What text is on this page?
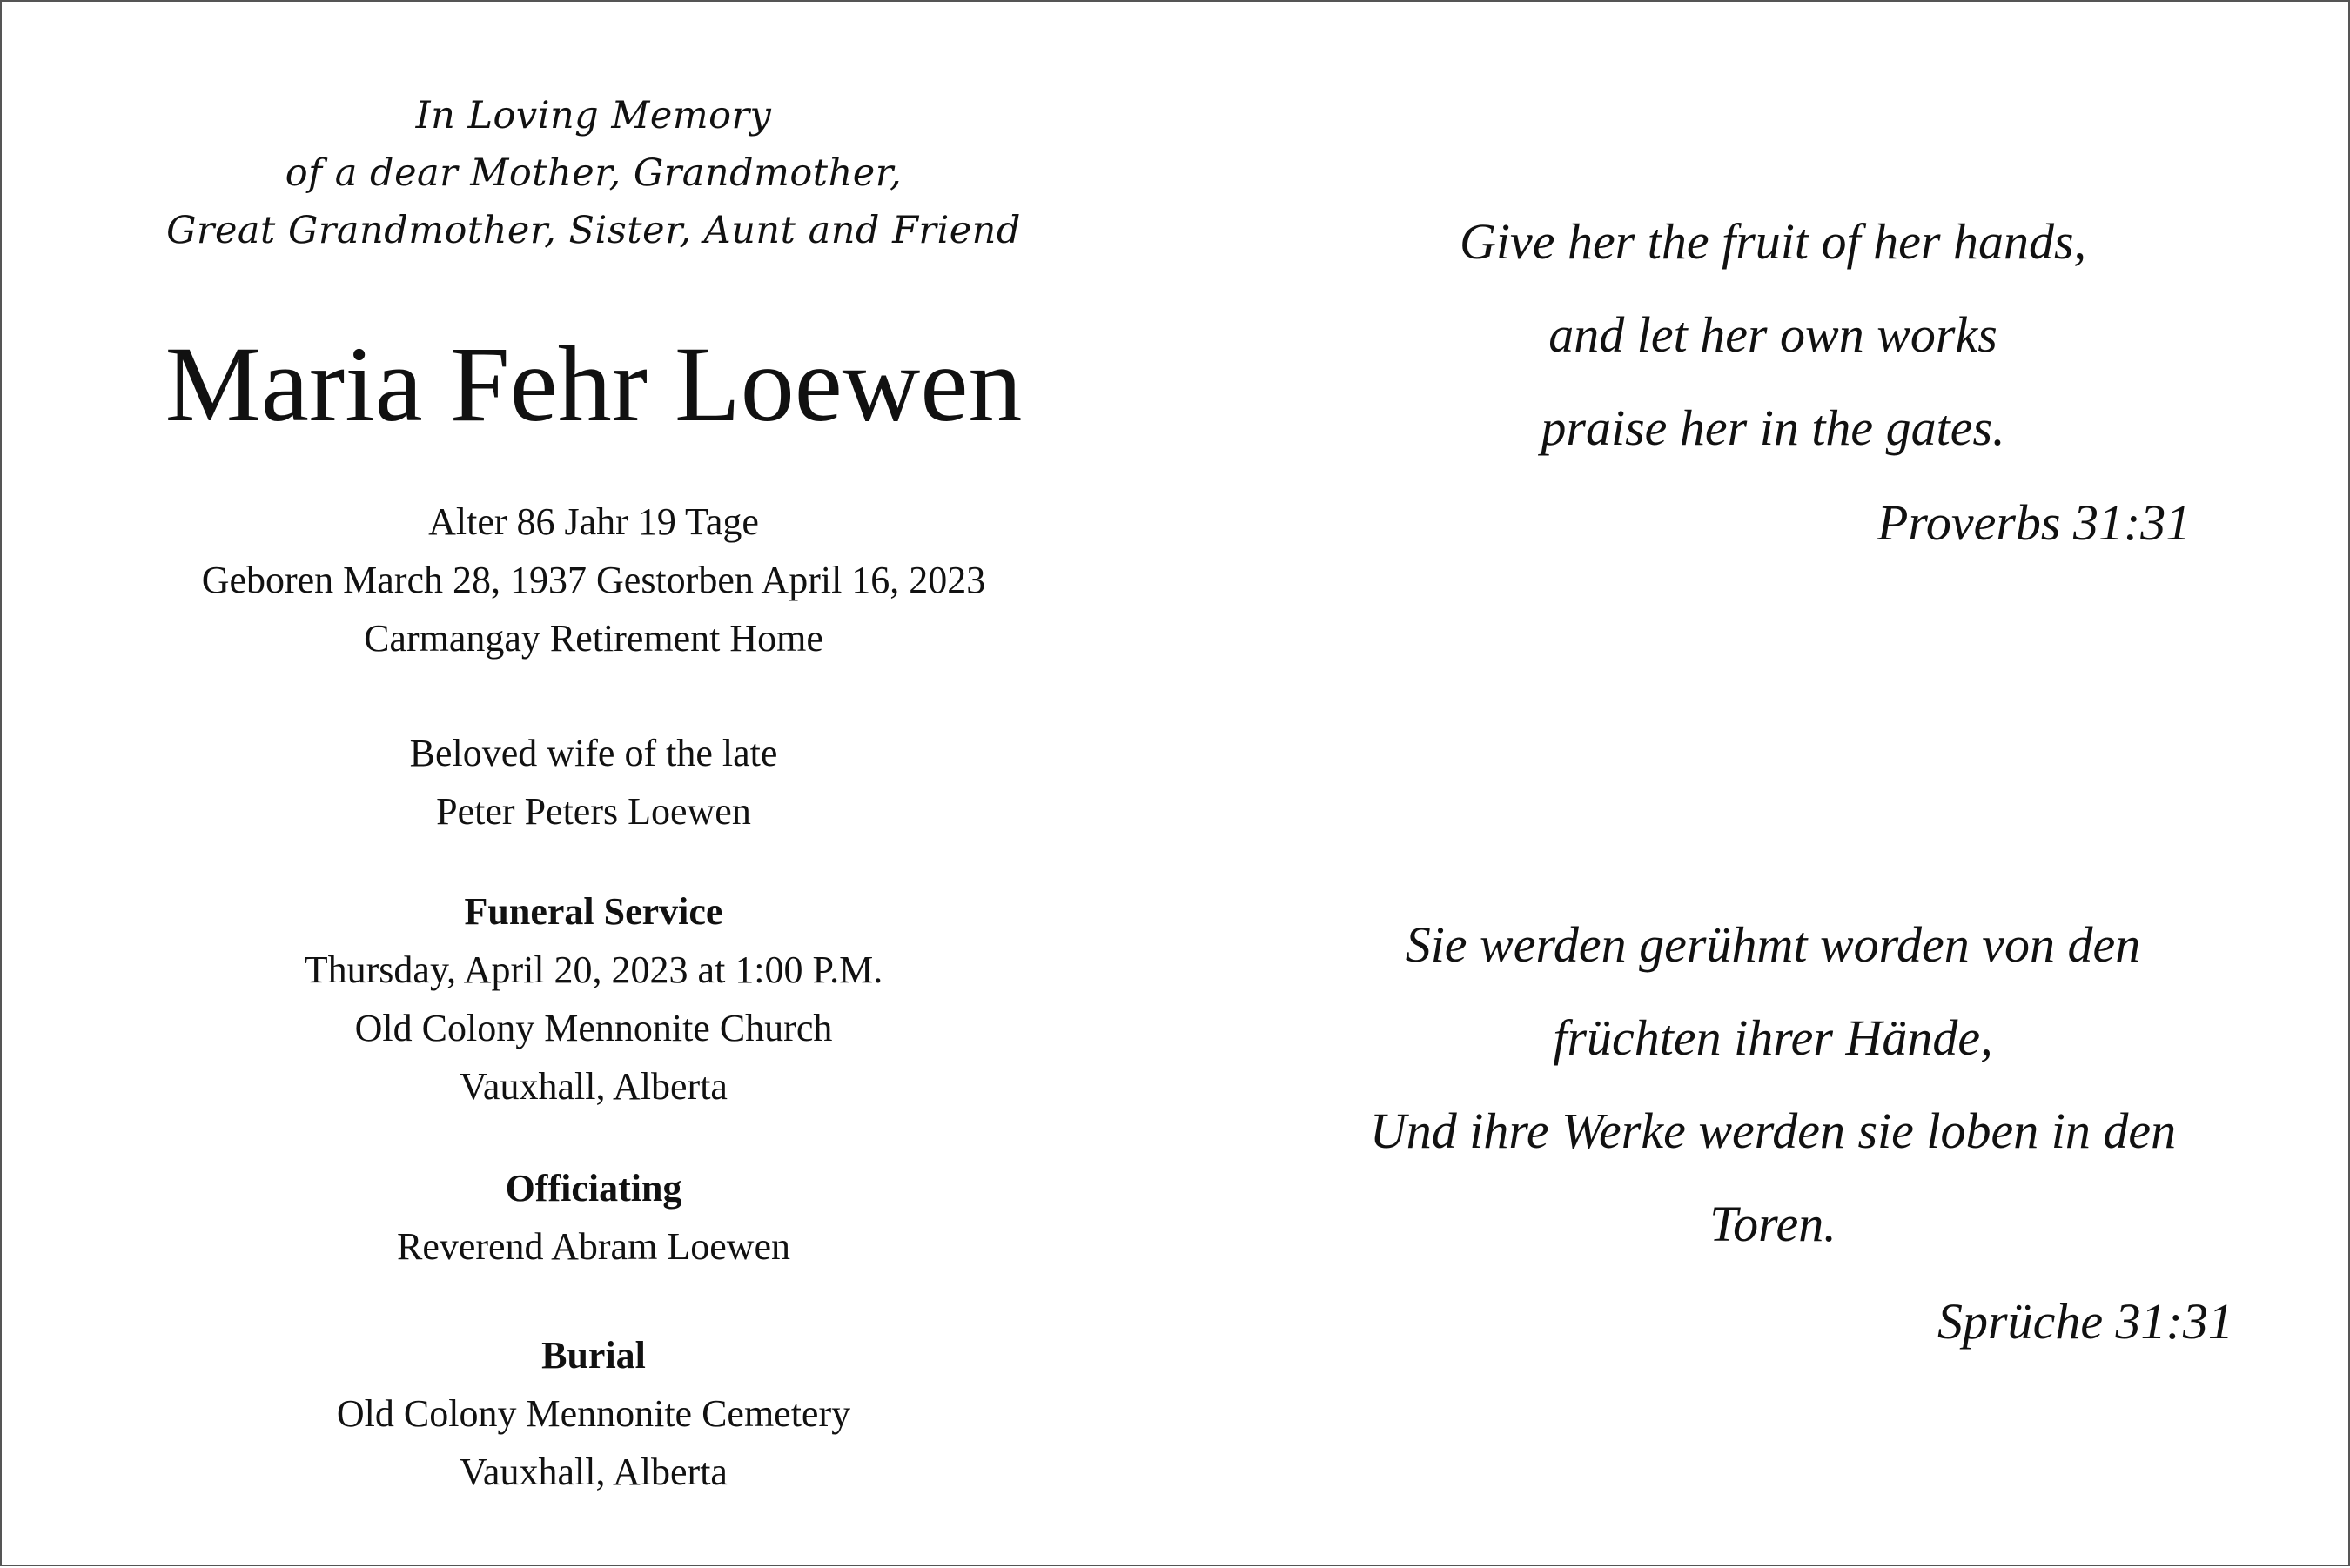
In Loving Memory
of a dear Mother, Grandmother,
Great Grandmother, Sister, Aunt and Friend
Maria Fehr Loewen
Alter 86 Jahr 19 Tage
Geboren March 28, 1937 Gestorben April 16, 2023
Carmangay Retirement Home
Beloved wife of the late
Peter Peters Loewen
Funeral Service
Thursday, April 20, 2023 at 1:00 P.M.
Old Colony Mennonite Church
Vauxhall, Alberta
Officiating
Reverend Abram Loewen
Burial
Old Colony Mennonite Cemetery
Vauxhall, Alberta
Give her the fruit of her hands,
and let her own works
praise her in the gates.
Proverbs 31:31
Sie werden gerühmt worden von den
früchten ihrer Hände,
Und ihre Werke werden sie loben in den
Toren.
Sprüche 31:31
